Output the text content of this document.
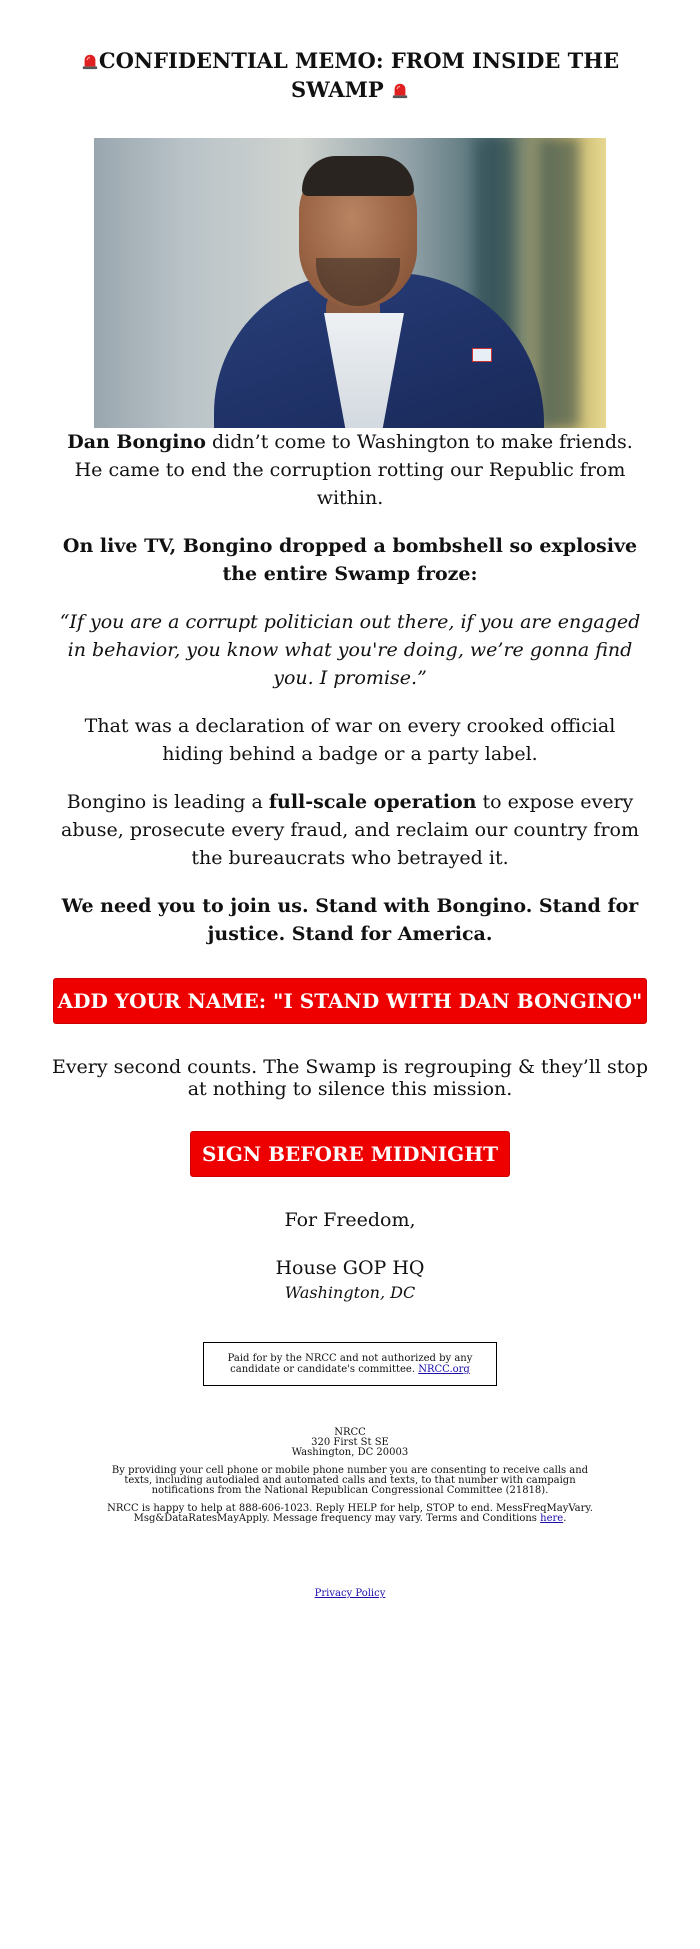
CONFIDENTIAL MEMO: FROM INSIDE THE SWAMP

Dan Bongino didn’t come to Washington to make friends. He came to end the corruption rotting our Republic from within.

On live TV, Bongino dropped a bombshell so explosive the entire Swamp froze:

“If you are a corrupt politician out there, if you are engaged in behavior, you know what you're doing, we’re gonna find you. I promise.”

That was a declaration of war on every crooked official hiding behind a badge or a party label.

Bongino is leading a full-scale operation to expose every abuse, prosecute every fraud, and reclaim our country from the bureaucrats who betrayed it.

We need you to join us. Stand with Bongino. Stand for justice. Stand for America.

ADD YOUR NAME: "I STAND WITH DAN BONGINO"
Every second counts. The Swamp is regrouping & they’ll stop at nothing to silence this mission.
SIGN BEFORE MIDNIGHT
For Freedom,
House GOP HQ
Washington, DC
Paid for by the NRCC and not authorized by any candidate or candidate's committee. NRCC.org
NRCC
320 First St SE
Washington, DC 20003
By providing your cell phone or mobile phone number you are consenting to receive calls and texts, including autodialed and automated calls and texts, to that number with campaign notifications from the National Republican Congressional Committee (21818).
NRCC is happy to help at 888-606-1023. Reply HELP for help, STOP to end. MessFreqMayVary. Msg&DataRatesMayApply. Message frequency may vary. Terms and Conditions here.
Privacy Policy
